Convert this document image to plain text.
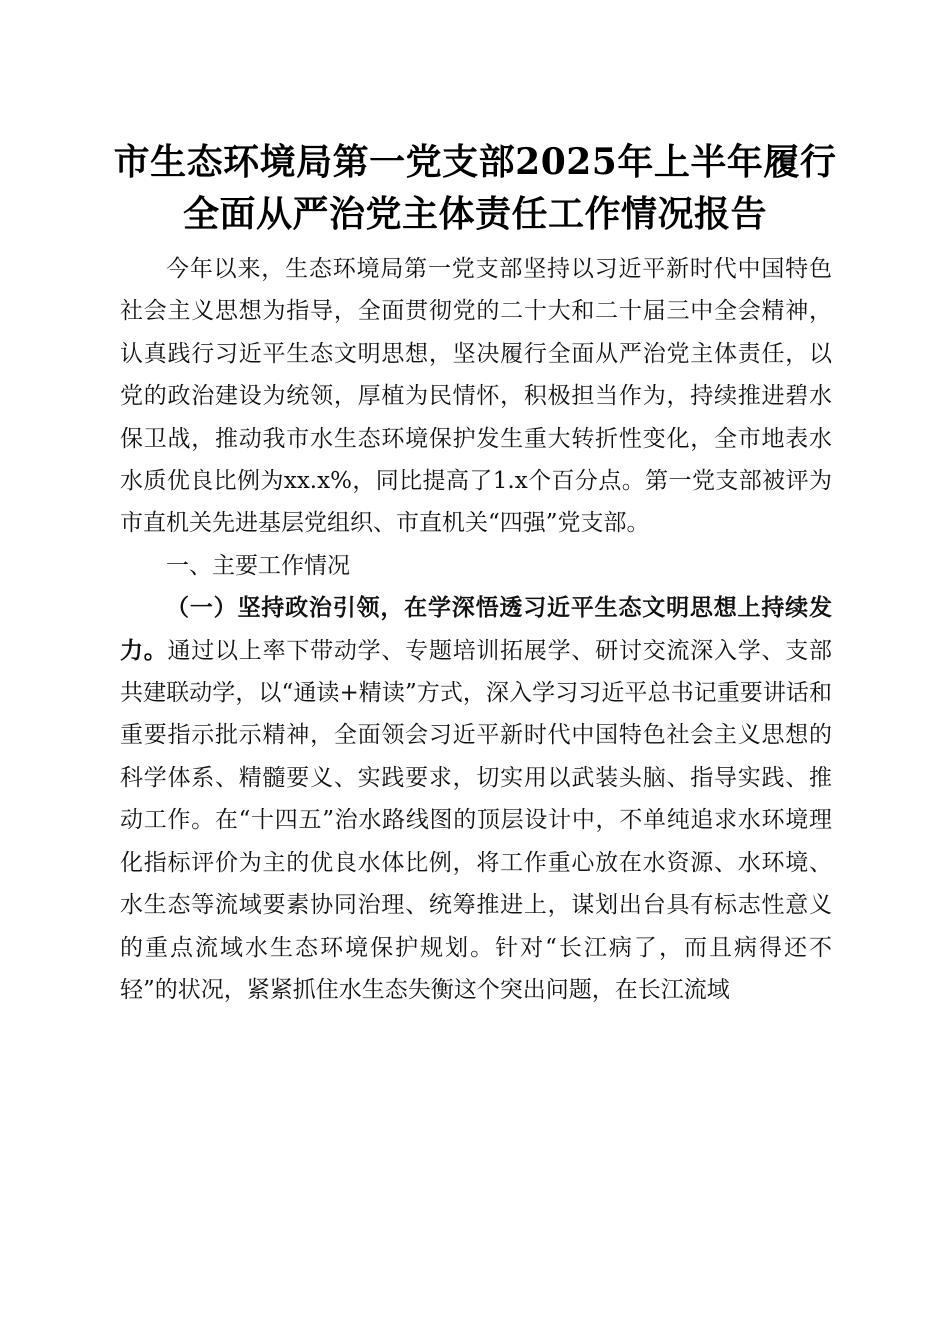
市生态环境局第一党支部2025年上半年履行
全面从严治党主体责任工作情况报告

今年以来，生态环境局第一党支部坚持以习近平新时代中国特色社会主义思想为指导，全面贯彻党的二十大和二十届三中全会精神，认真践行习近平生态文明思想，坚决履行全面从严治党主体责任，以党的政治建设为统领，厚植为民情怀，积极担当作为，持续推进碧水保卫战，推动我市水生态环境保护发生重大转折性变化，全市地表水水质优良比例为xx.x%，同比提高了1.x个百分点。第一党支部被评为市直机关先进基层党组织、市直机关“四强”党支部。

一、主要工作情况

（一）坚持政治引领，在学深悟透习近平生态文明思想上持续发力。通过以上率下带动学、专题培训拓展学、研讨交流深入学、支部共建联动学，以“通读+精读”方式，深入学习习近平总书记重要讲话和重要指示批示精神，全面领会习近平新时代中国特色社会主义思想的科学体系、精髓要义、实践要求，切实用以武装头脑、指导实践、推动工作。在“十四五”治水路线图的顶层设计中，不单纯追求水环境理化指标评价为主的优良水体比例，将工作重心放在水资源、水环境、水生态等流域要素协同治理、统筹推进上，谋划出台具有标志性意义的重点流域水生态环境保护规划。针对“长江病了，而且病得还不轻”的状况，紧紧抓住水生态失衡这个突出问题，在长江流域
